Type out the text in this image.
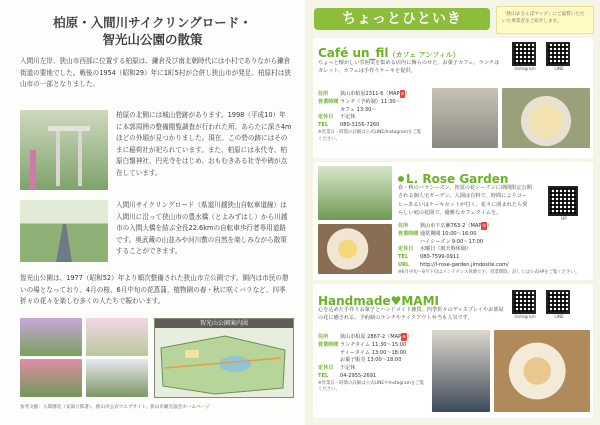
柏原・入間川サイクリングロード・
智光山公園の散策
入間川左岸、狭山市西部に位置する柏原は、鎌倉及び南北朝時代には小村でありながら鎌倉街道の要地でした。戦後の1954（昭和29）年に1町5村が合併し狭山市が発足、柏原村は狭山市の一部となりました。
柏原の北側には城山砦跡があります。1998（平成10）年に本郭周囲の整備閲覧調査が行われた所、あらたに深さ4mほどの外堀が見つかりました。現在、この砦の跡にはそのまに稲荷社が祀られています。また、柏原には永代寺、柏原白鬚神社、円光寺をはじめ、おもむきある社寺や碑が点在しています。
入間川サイクリングロード（県道川越狭山自転車道線）は入間川に沿って狭山市の豊水橋（とよみずはし）から川越市の入間大橋を結ぶ全長22.6kmの自転車歩行者専用道路です。奥武蔵の山並みや河川敷の自然を楽しみながら散策することができます。
智光山公園は、1977（昭和52）年より順次整備された狭山市立公園です。園内は市民の憩いの場となっており、4月の桜、6月中旬の花菖蒲、植物園の春・秋に咲くバラなど、四季折々の花々を楽しむ多くの人たちで賑わいます。
智光山公園案内図
参考文献：入間郡史（安部立郎著）、狭山市公式ウエブサイト、狭山市観光協会ホームページ
ちょっとひといき	「狭山まさんぽマップ」にご協賛いただいた事業者をご紹介します。
Café un_fil（カフェ アンフィル）
ちょっと懐かしい雰囲気を集める店内に飾らのせた、お菓子カフェ。ランチはガレット、カフェは手作りケーキを提供。	Instagram	LINE
住所 狭山市柏原2311-6（MAP②）
営業時間 ランチ（予約制）11:30〜
カフェ 13:30〜
定休日 不定休
TEL 080-3156-7260
※営業日・時間の詳細は公式LINE/Instagramをご覧ください。
L. Rose Garden
春・秋のバラシーズン、初夏の花シーズンに期間限定公開される個人宅ガーデン。入園は有料で、時間によりコーヒーあるいはケーキセットが付く。花々に囲まれたら愛らしい庭の花園で、優雅なカフェタイムを。
HP
住所 狭山市下広瀬763-2（MAP③）
営業時間 通常期間 10:00〜16:00
ハイシーズン 9:00〜17:00
定休日 水曜日（雨天時休園）
TEL 080-7599-0911
URL http://l-rose-garden.jimdosite.com/
※6月中旬〜9月下旬はメンテナンス休園です。営業期間、詳しくは公式HPをご覧ください。
Handmade♥MAMI
心を込めた手作りお菓子とハンドメイド雑貨。四季折々のディスプレイやお部屋の花に癒される。予約制のランチやテイクアウト弁当も人気です。	Instagram	LINE
住所 狭山市柏原 2867-2（MAP④）
営業時間 ランチタイム 11:30〜15:00
ティータイム 13:00〜18:00
お菓子販売 13:00〜18:00
定休日 不定休
TEL 04-2955-2691
※営業日・時間の詳細は公式LINEやInstagramをご覧ください。
